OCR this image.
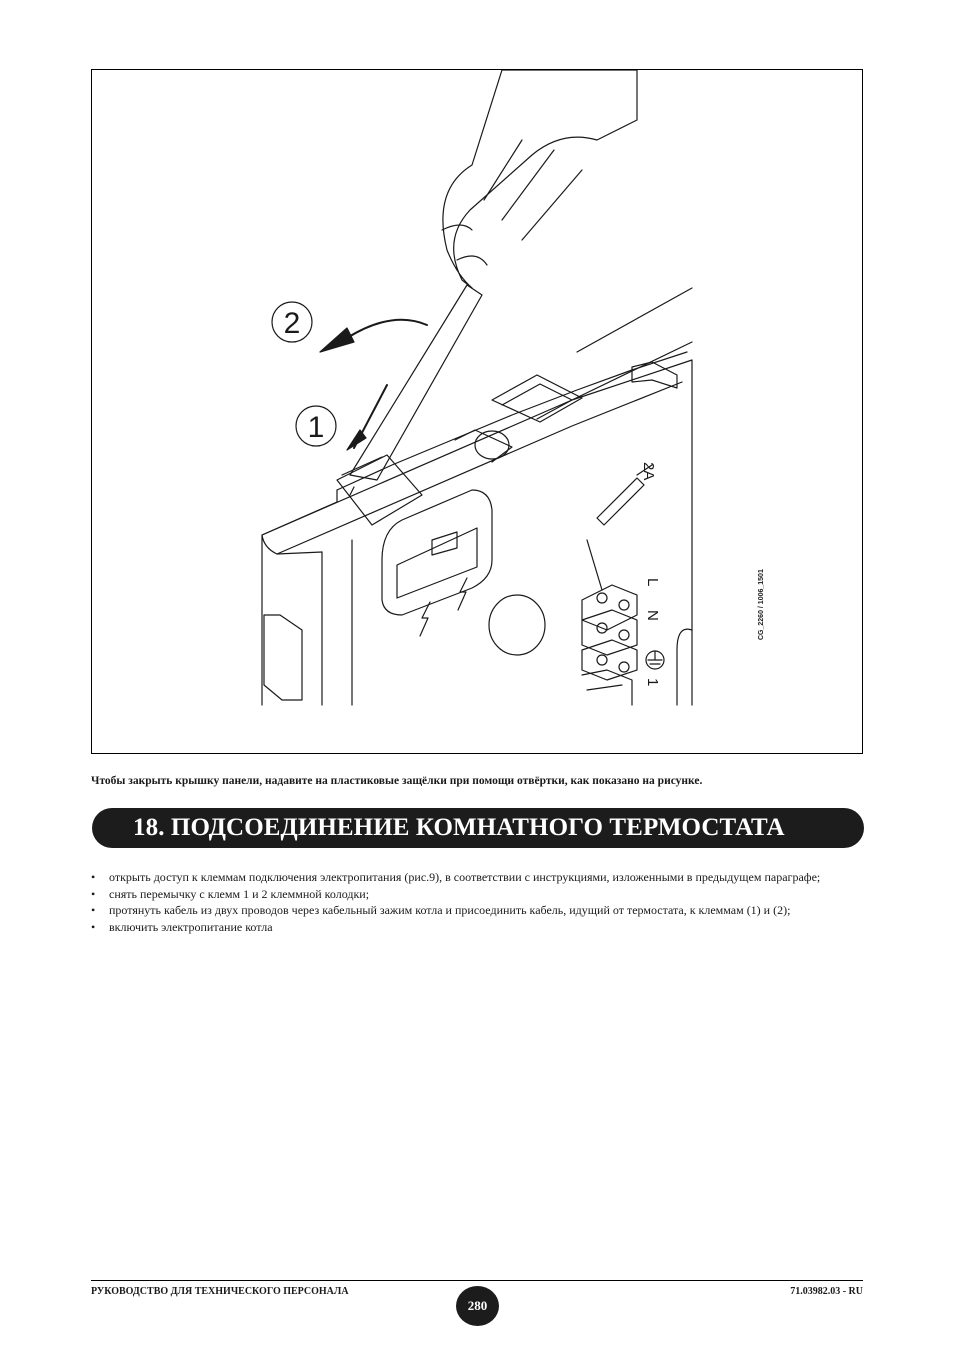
2
1
2A
L
N
1
CG_2260 / 1006_1501

Чтобы закрыть крышку панели, надавите на пластиковые защёлки при помощи отвёртки, как показано на рисунке.

18. ПОДСОЕДИНЕНИЕ КОМНАТНОГО ТЕРМОСТАТА
•	открыть доступ к клеммам подключения электропитания (рис.9), в соответствии с инструкциями, изложенными в предыдущем параграфе;
•	снять перемычку с клемм 1 и 2 клеммной колодки;
•	протянуть кабель из двух проводов через кабельный зажим котла и присоединить кабель, идущий от термостата, к клеммам (1) и (2);
•	включить электропитание котла
РУКОВОДСТВО ДЛЯ ТЕХНИЧЕСКОГО ПЕРСОНАЛА
280
71.03982.03 - RU
